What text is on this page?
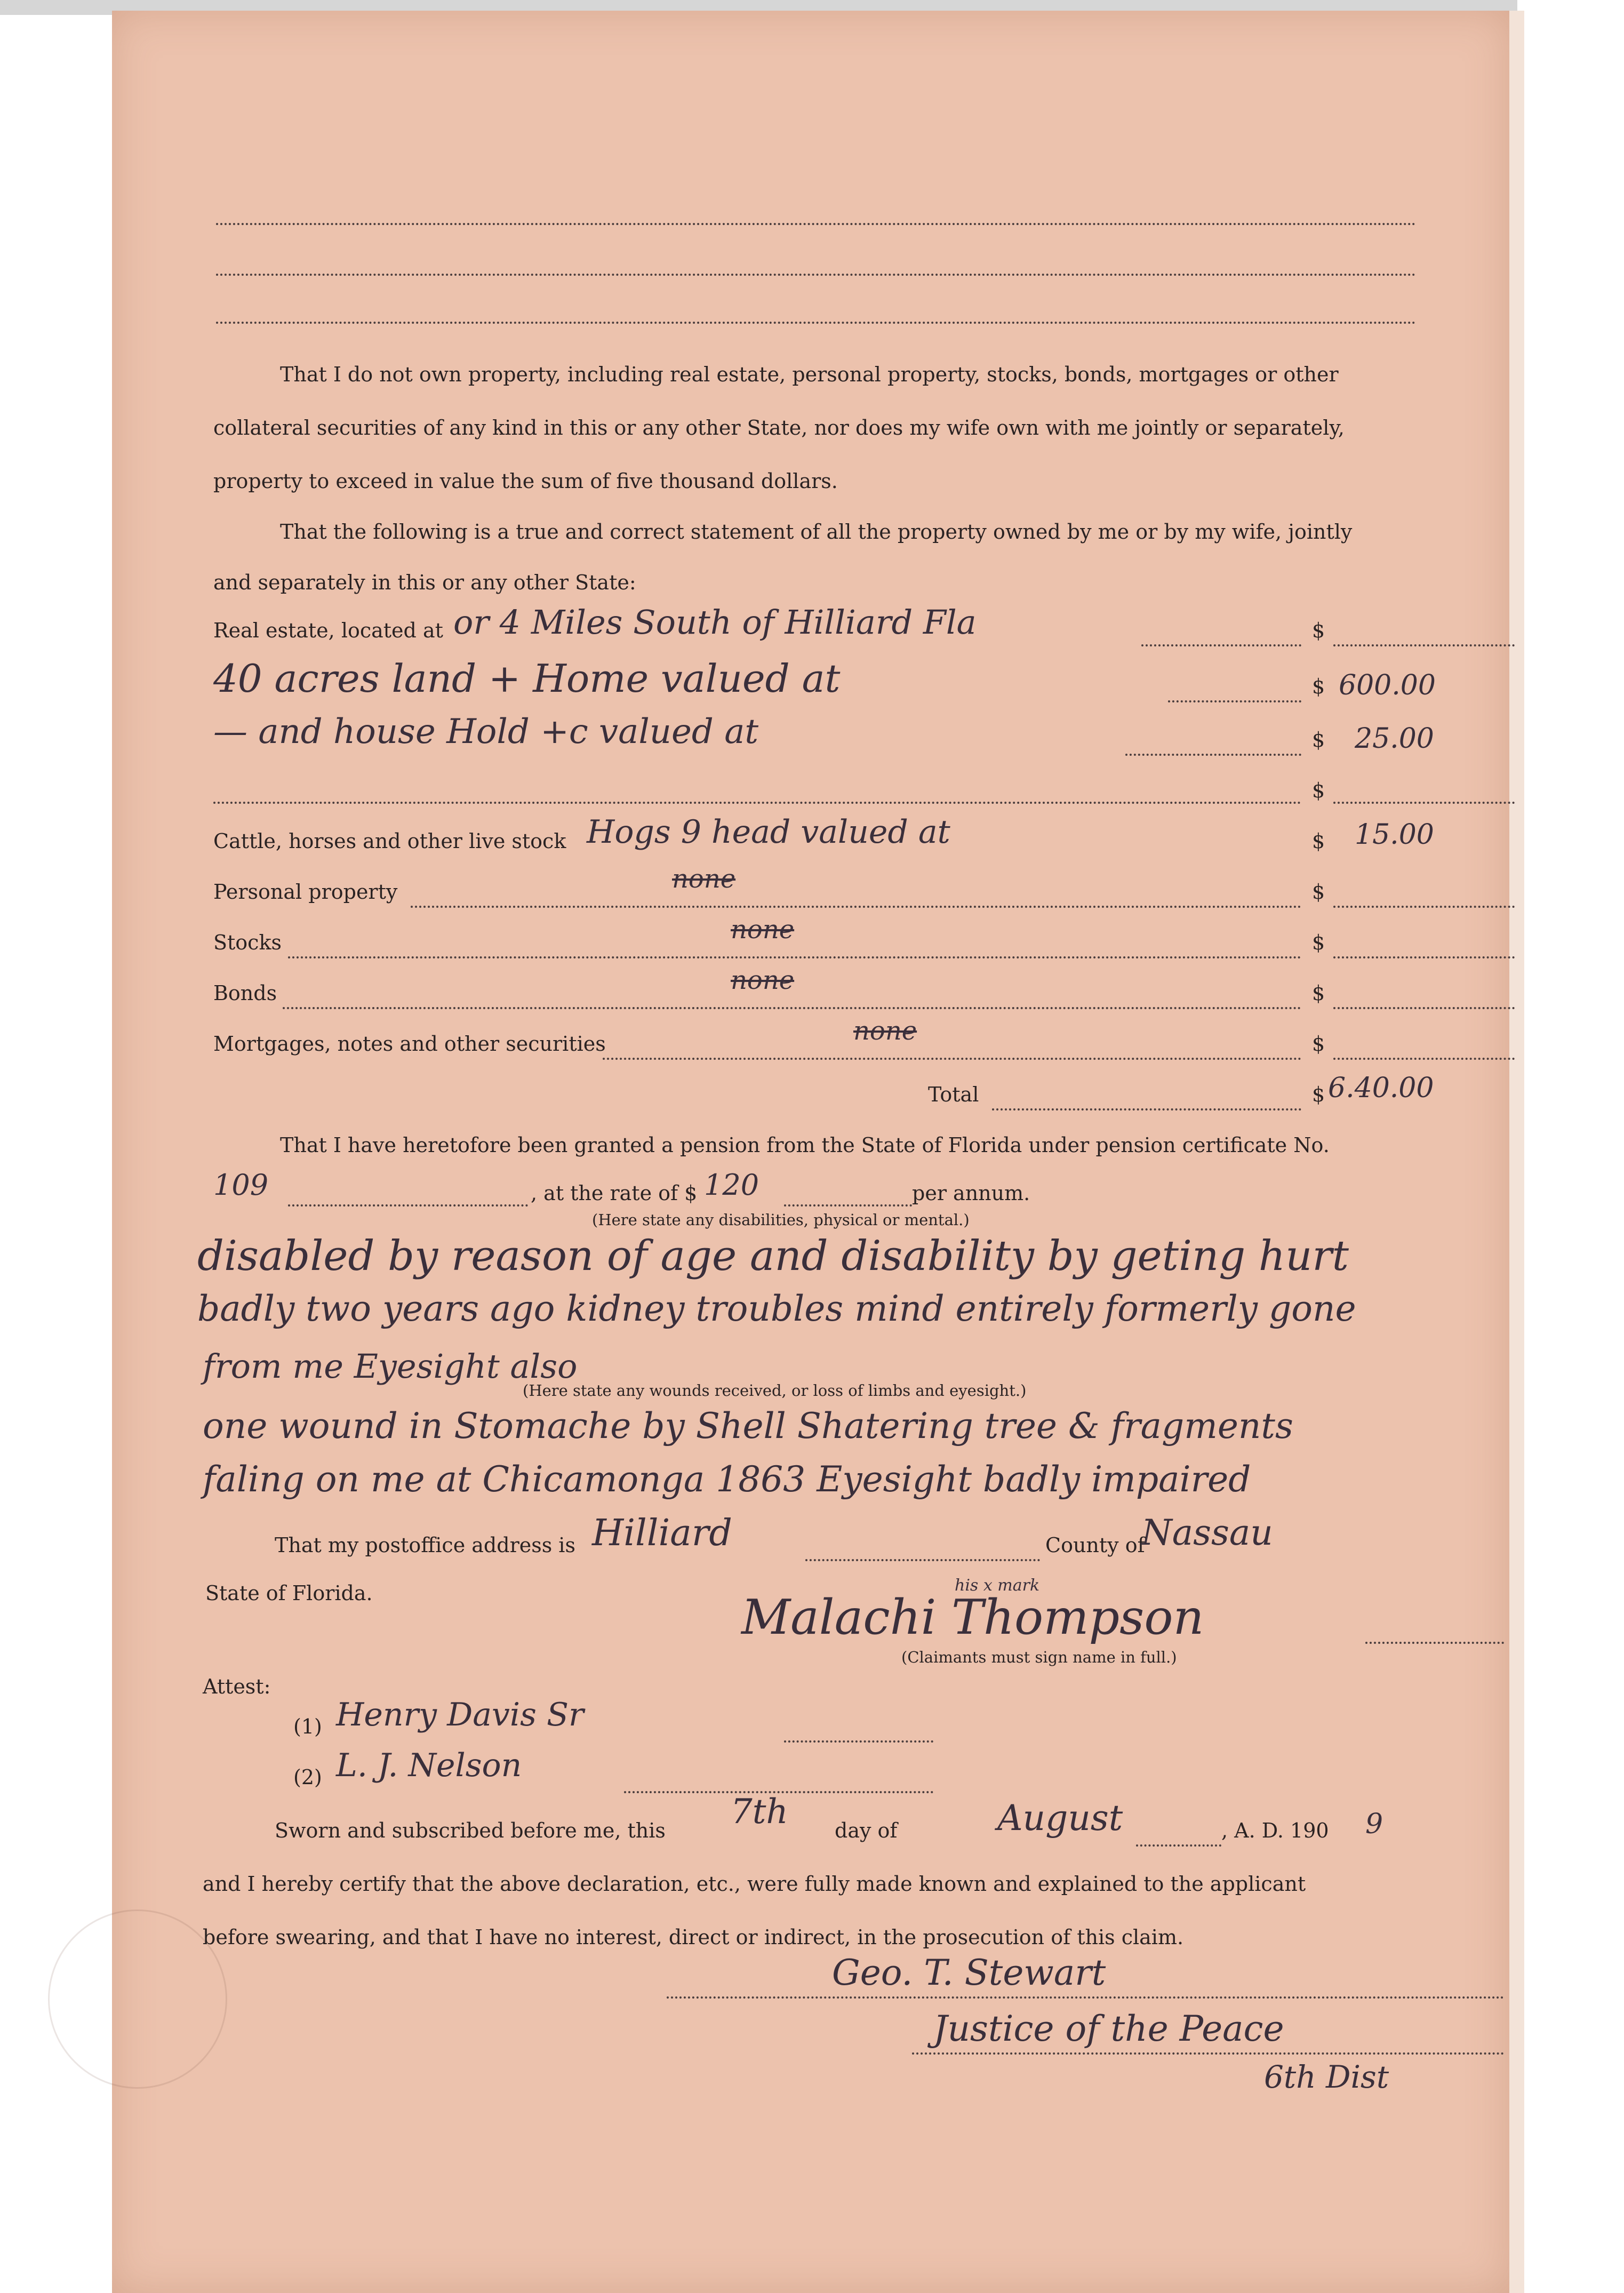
That I do not own property, including real estate, personal property, stocks, bonds, mortgages or other
collateral securities of any kind in this or any other State, nor does my wife own with me jointly or separately,
property to exceed in value the sum of five thousand dollars.
That the following is a true and correct statement of all the property owned by me or by my wife, jointly
and separately in this or any other State:
Real estate, located at or 4 Miles South of Hilliard Fla	$
40 acres land + Home valued at	$ 600.00
— and house Hold +c valued at	$ 25.00
$
Cattle, horses and other live stock Hogs 9 head valued at	$ 15.00
Personal property	none	$
Stocks	none	$
Bonds	none	$
Mortgages, notes and other securities	none	$
Total	$ 6.40.00
That I have heretofore been granted a pension from the State of Florida under pension certificate No.
109	, at the rate of $ 120	per annum.
(Here state any disabilities, physical or mental.)
disabled by reason of age and disability by geting hurt
badly two years ago kidney troubles mind entirely formerly gone
from me Eyesight also
(Here state any wounds received, or loss of limbs and eyesight.)
one wound in Stomache by Shell Shatering tree & fragments
faling on me at Chicamonga 1863 Eyesight badly impaired
That my postoffice address is Hilliard	County of
Nassau
State of Florida.	his x mark
Malachi Thompson
(Claimants must sign name in full.)
Attest:
(1) Henry Davis Sr
(2) L. J. Nelson
Sworn and subscribed before me, this 7th day of	August	, A. D. 190 9
and I hereby certify that the above declaration, etc., were fully made known and explained to the applicant
before swearing, and that I have no interest, direct or indirect, in the prosecution of this claim.
Geo. T. Stewart
Justice of the Peace
6th Dist
